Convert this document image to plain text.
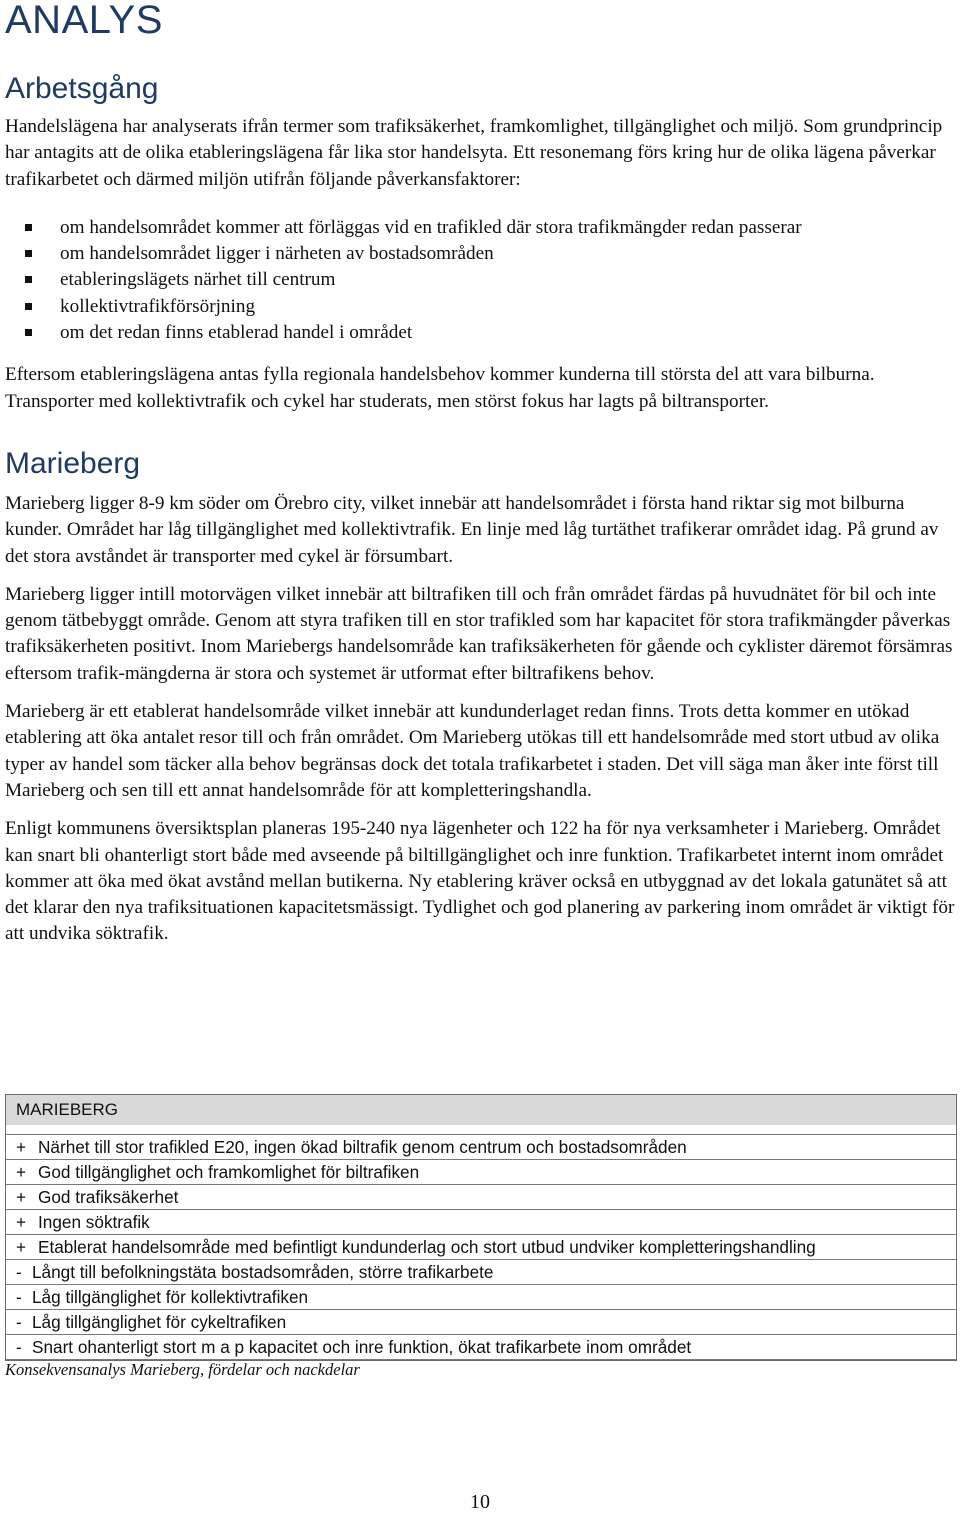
ANALYS
Arbetsgång

Handelslägena har analyserats ifrån termer som trafiksäkerhet, framkomlighet, tillgänglighet och miljö. Som grundprincip har antagits att de olika etableringslägena får lika stor handelsyta. Ett resonemang förs kring hur de olika lägena påverkar trafikarbetet och därmed miljön utifrån följande påverkansfaktorer:

om handelsområdet kommer att förläggas vid en trafikled där stora trafikmängder redan passerar
om handelsområdet ligger i närheten av bostadsområden
etableringslägets närhet till centrum
kollektivtrafikförsörjning
om det redan finns etablerad handel i området

Eftersom etableringslägena antas fylla regionala handelsbehov kommer kunderna till största del att vara bilburna. Transporter med kollektivtrafik och cykel har studerats, men störst fokus har lagts på biltransporter.

Marieberg

Marieberg ligger 8-9 km söder om Örebro city, vilket innebär att handelsområdet i första hand riktar sig mot bilburna kunder. Området har låg tillgänglighet med kollektivtrafik. En linje med låg turtäthet trafikerar området idag. På grund av det stora avståndet är transporter med cykel är försumbart.

Marieberg ligger intill motorvägen vilket innebär att biltrafiken till och från området färdas på huvudnätet för bil och inte genom tätbebyggt område. Genom att styra trafiken till en stor trafikled som har kapacitet för stora trafikmängder påverkas trafiksäkerheten positivt. Inom Mariebergs handelsområde kan trafiksäkerheten för gående och cyklister däremot försämras eftersom trafik-mängderna är stora och systemet är utformat efter biltrafikens behov.

Marieberg är ett etablerat handelsområde vilket innebär att kundunderlaget redan finns. Trots detta kommer en utökad etablering att öka antalet resor till och från området. Om Marieberg utökas till ett handelsområde med stort utbud av olika typer av handel som täcker alla behov begränsas dock det totala trafikarbetet i staden. Det vill säga man åker inte först till Marieberg och sen till ett annat handelsområde för att kompletteringshandla.

Enligt kommunens översiktsplan planeras 195-240 nya lägenheter och 122 ha för nya verksamheter i Marieberg. Området kan snart bli ohanterligt stort både med avseende på biltillgänglighet och inre funktion. Trafikarbetet internt inom området kommer att öka med ökat avstånd mellan butikerna. Ny etablering kräver också en utbyggnad av det lokala gatunätet så att det klarar den nya trafiksituationen kapacitetsmässigt. Tydlighet och god planering av parkering inom området är viktigt för att undvika söktrafik.

MARIEBERG
+ Närhet till stor trafikled E20, ingen ökad biltrafik genom centrum och bostadsområden
+ God tillgänglighet och framkomlighet för biltrafiken
+ God trafiksäkerhet
+ Ingen söktrafik
+ Etablerat handelsområde med befintligt kundunderlag och stort utbud undviker kompletteringshandling
- Långt till befolkningstäta bostadsområden, större trafikarbete
- Låg tillgänglighet för kollektivtrafiken
- Låg tillgänglighet för cykeltrafiken
- Snart ohanterligt stort m a p kapacitet och inre funktion, ökat trafikarbete inom området
Konsekvensanalys Marieberg, fördelar och nackdelar
10
